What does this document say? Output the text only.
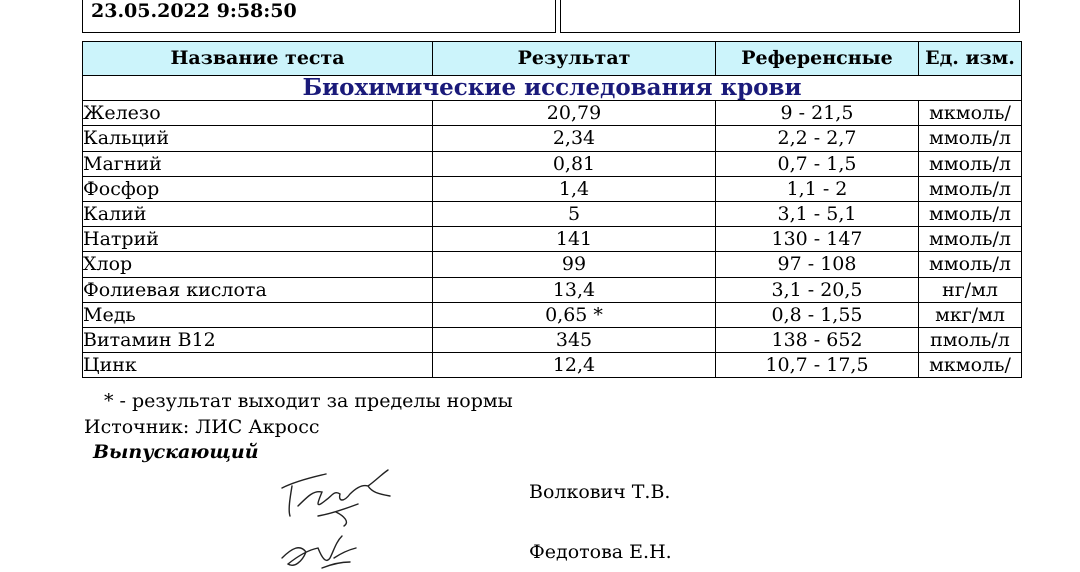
23.05.2022 9:58:50
Название теста	Результат	Референсные	Ед. изм.
Биохимические исследования крови			
Железо	20,79	9 - 21,5	мкмоль/
Кальций	2,34	2,2 - 2,7	ммоль/л
Магний	0,81	0,7 - 1,5	ммоль/л
Фосфор	1,4	1,1 - 2	ммоль/л
Калий	5	3,1 - 5,1	ммоль/л
Натрий	141	130 - 147	ммоль/л
Хлор	99	97 - 108	ммоль/л
Фолиевая кислота	13,4	3,1 - 20,5	нг/мл
Медь	0,65 *	0,8 - 1,55	мкг/мл
Витамин B12	345	138 - 652	пмоль/л
Цинк	12,4	10,7 - 17,5	мкмоль/
* - результат выходит за пределы нормы
Источник: ЛИС Акросс
Выпускающий
Волкович Т.В.
Федотова Е.Н.
